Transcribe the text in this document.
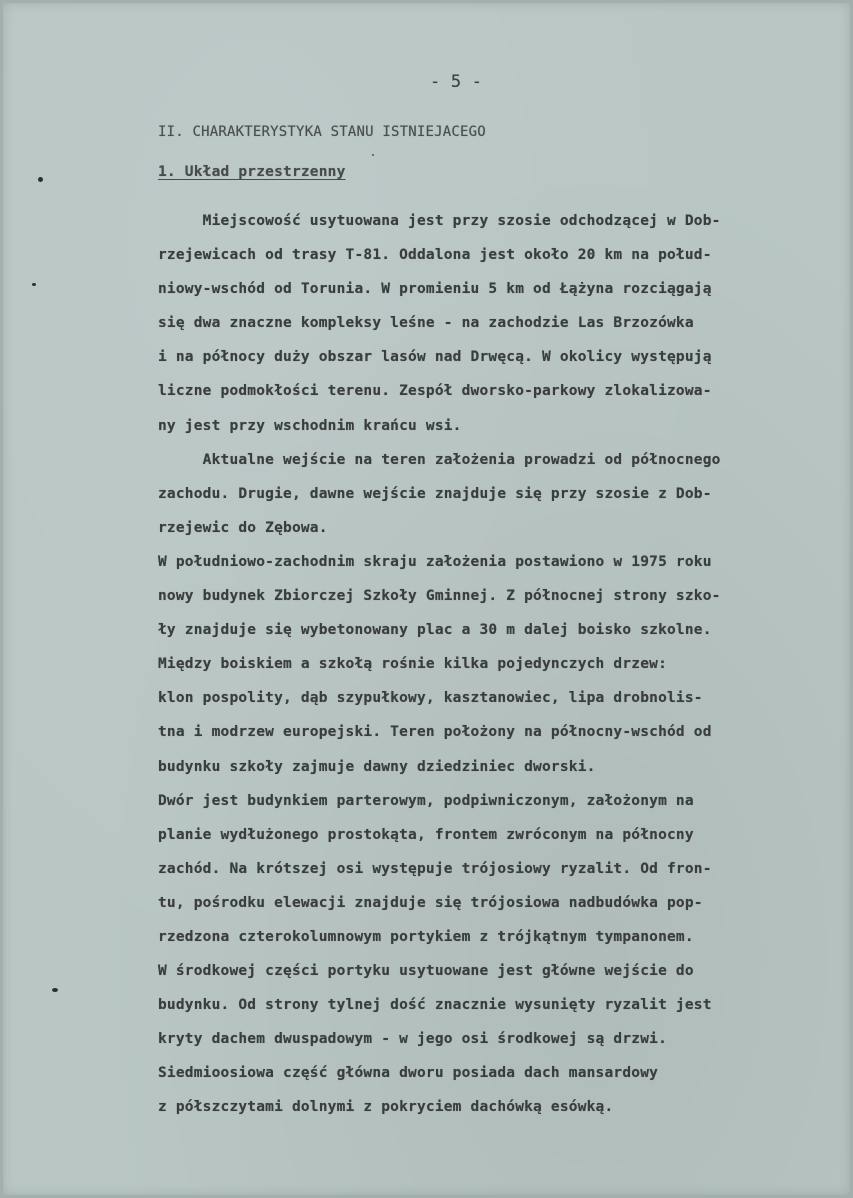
- 5 -
II. CHARAKTERYSTYKA STANU ISTNIEJACEGO
1. Układ przestrzenny
Miejscowość usytuowana jest przy szosie odchodzącej w Dob-
rzejewicach od trasy T-81. Oddalona jest około 20 km na połud-
niowy-wschód od Torunia. W promieniu 5 km od Łążyna rozciągają
się dwa znaczne kompleksy leśne - na zachodzie Las Brzozówka
i na północy duży obszar lasów nad Drwęcą. W okolicy występują
liczne podmokłości terenu. Zespół dworsko-parkowy zlokalizowa-
ny jest przy wschodnim krańcu wsi.
Aktualne wejście na teren założenia prowadzi od północnego
zachodu. Drugie, dawne wejście znajduje się przy szosie z Dob-
rzejewic do Zębowa.
W południowo-zachodnim skraju założenia postawiono w 1975 roku
nowy budynek Zbiorczej Szkoły Gminnej. Z północnej strony szko-
ły znajduje się wybetonowany plac a 30 m dalej boisko szkolne.
Między boiskiem a szkołą rośnie kilka pojedynczych drzew:
klon pospolity, dąb szypułkowy, kasztanowiec, lipa drobnolis-
tna i modrzew europejski. Teren położony na północny-wschód od
budynku szkoły zajmuje dawny dziedziniec dworski.
Dwór jest budynkiem parterowym, podpiwniczonym, założonym na
planie wydłużonego prostokąta, frontem zwróconym na północny
zachód. Na krótszej osi występuje trójosiowy ryzalit. Od fron-
tu, pośrodku elewacji znajduje się trójosiowa nadbudówka pop-
rzedzona czterokolumnowym portykiem z trójkątnym tympanonem.
W środkowej części portyku usytuowane jest główne wejście do
budynku. Od strony tylnej dość znacznie wysunięty ryzalit jest
kryty dachem dwuspadowym - w jego osi środkowej są drzwi.
Siedmioosiowa część główna dworu posiada dach mansardowy
z półszczytami dolnymi z pokryciem dachówką esówką.
